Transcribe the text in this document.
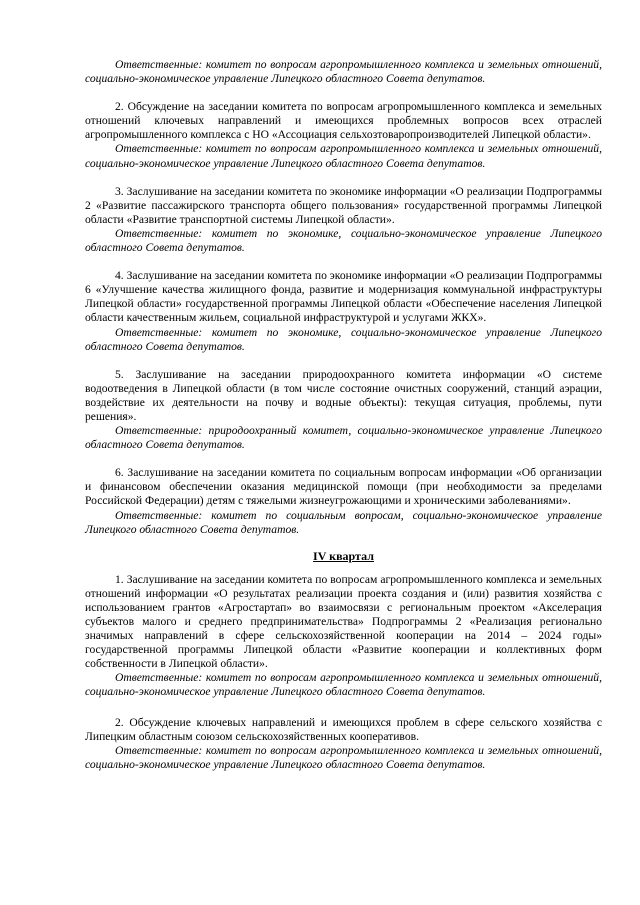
Ответственные: комитет по вопросам агропромышленного комплекса и земельных отношений, социально-экономическое управление Липецкого областного Совета депутатов.

2. Обсуждение на заседании комитета по вопросам агропромышленного комплекса и земельных отношений ключевых направлений и имеющихся проблемных вопросов всех отраслей агропромышленного комплекса с НО «Ассоциация сельхозтоваропроизводителей Липецкой области».

Ответственные: комитет по вопросам агропромышленного комплекса и земельных отношений, социально-экономическое управление Липецкого областного Совета депутатов.

3. Заслушивание на заседании комитета по экономике информации «О реализации Подпрограммы 2 «Развитие пассажирского транспорта общего пользования» государственной программы Липецкой области «Развитие транспортной системы Липецкой области».

Ответственные: комитет по экономике, социально-экономическое управление Липецкого областного Совета депутатов.

4. Заслушивание на заседании комитета по экономике информации «О реализации Подпрограммы 6 «Улучшение качества жилищного фонда, развитие и модернизация коммунальной инфраструктуры Липецкой области» государственной программы Липецкой области «Обеспечение населения Липецкой области качественным жильем, социальной инфраструктурой и услугами ЖКХ».

Ответственные: комитет по экономике, социально-экономическое управление Липецкого областного Совета депутатов.

5. Заслушивание на заседании природоохранного комитета информации «О системе водоотведения в Липецкой области (в том числе состояние очистных сооружений, станций аэрации, воздействие их деятельности на почву и водные объекты): текущая ситуация, проблемы, пути решения».

Ответственные: природоохранный комитет, социально-экономическое управление Липецкого областного Совета депутатов.

6. Заслушивание на заседании комитета по социальным вопросам информации «Об организации и финансовом обеспечении оказания медицинской помощи (при необходимости за пределами Российской Федерации) детям с тяжелыми жизнеугрожающими и хроническими заболеваниями».

Ответственные: комитет по социальным вопросам, социально-экономическое управление Липецкого областного Совета депутатов.

IV квартал

1. Заслушивание на заседании комитета по вопросам агропромышленного комплекса и земельных отношений информации «О результатах реализации проекта создания и (или) развития хозяйства с использованием грантов «Агростартап» во взаимосвязи с региональным проектом «Акселерация субъектов малого и среднего предпринимательства» Подпрограммы 2 «Реализация регионально значимых направлений в сфере сельскохозяйственной кооперации на 2014 – 2024 годы» государственной программы Липецкой области «Развитие кооперации и коллективных форм собственности в Липецкой области».

Ответственные: комитет по вопросам агропромышленного комплекса и земельных отношений, социально-экономическое управление Липецкого областного Совета депутатов.

2. Обсуждение ключевых направлений и имеющихся проблем в сфере сельского хозяйства с Липецким областным союзом сельскохозяйственных кооперативов.

Ответственные: комитет по вопросам агропромышленного комплекса и земельных отношений, социально-экономическое управление Липецкого областного Совета депутатов.
